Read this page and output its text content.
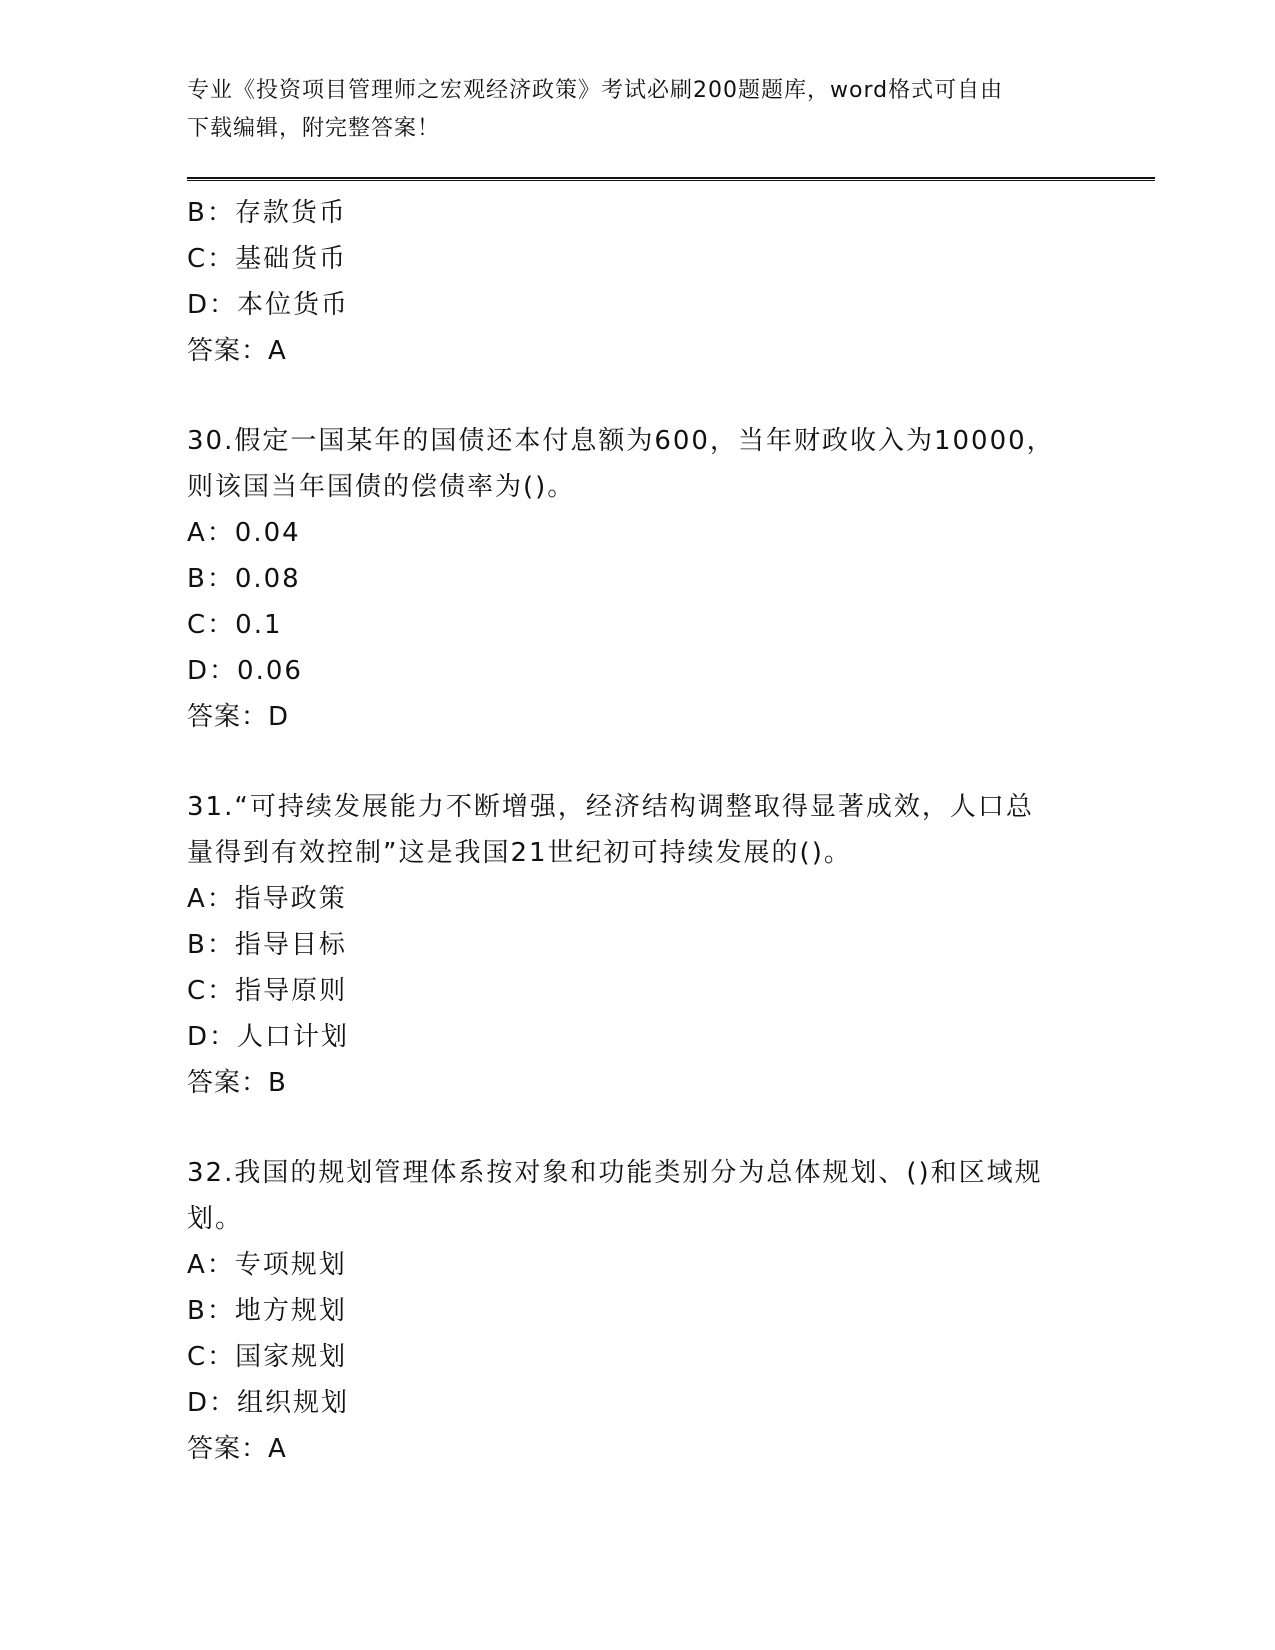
专业《投资项目管理师之宏观经济政策》考试必刷200题题库，word格式可自由
下载编辑，附完整答案！
B：存款货币
C：基础货币
D：本位货币
答案：A
30.假定一国某年的国债还本付息额为600，当年财政收入为10000，
则该国当年国债的偿债率为()。
A：0.04
B：0.08
C：0.1
D：0.06
答案：D
31.“可持续发展能力不断增强，经济结构调整取得显著成效，人口总
量得到有效控制”这是我国21世纪初可持续发展的()。
A：指导政策
B：指导目标
C：指导原则
D：人口计划
答案：B
32.我国的规划管理体系按对象和功能类别分为总体规划、()和区域规
划。
A：专项规划
B：地方规划
C：国家规划
D：组织规划
答案：A
